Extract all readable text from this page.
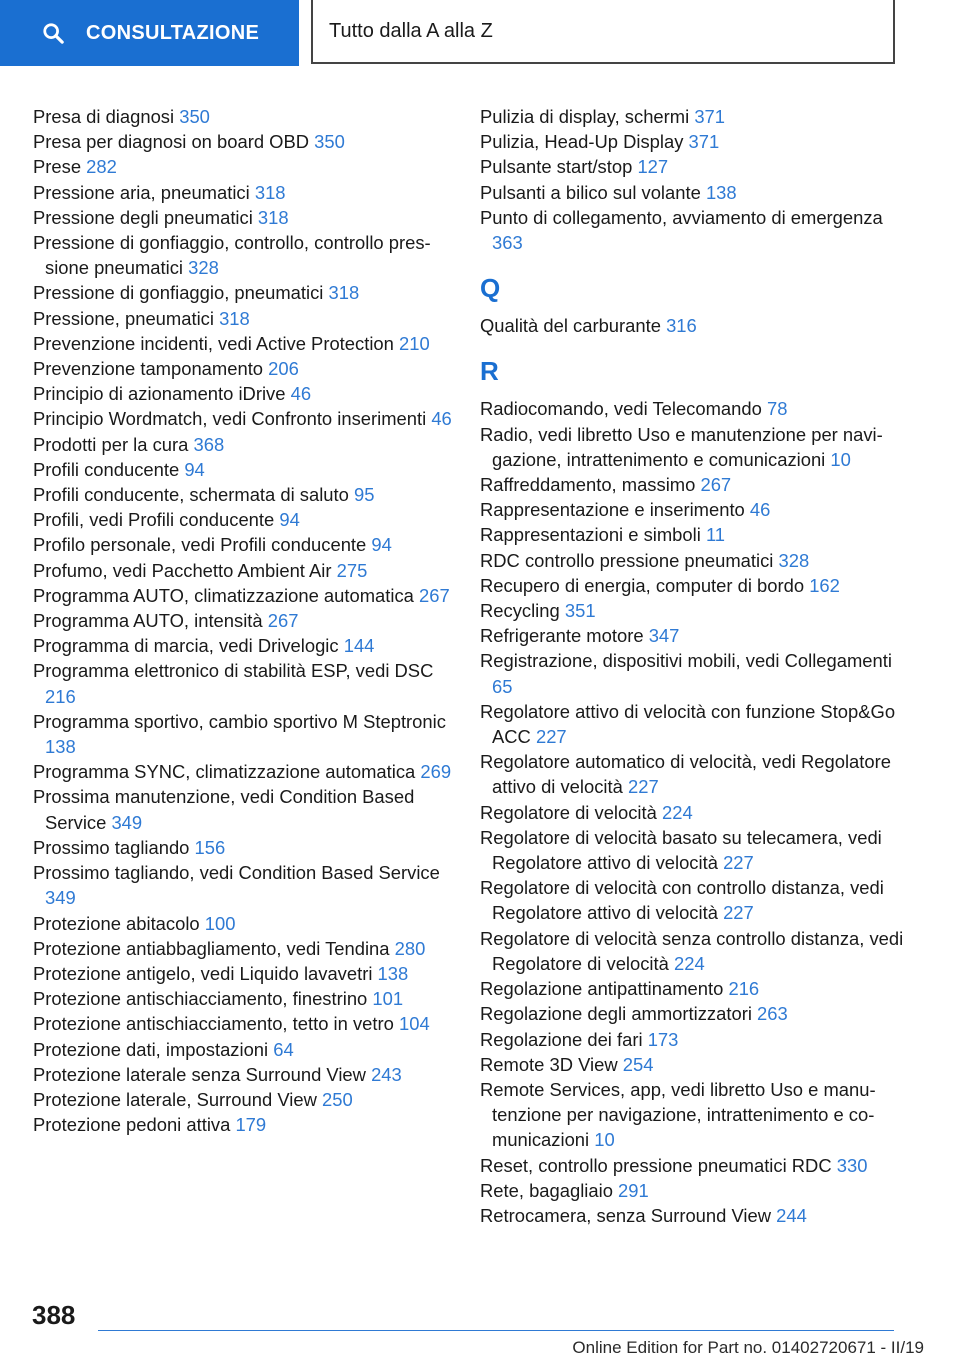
CONSULTAZIONE	Tutto dalla A alla Z

Presa di diagnosi 350

Presa per diagnosi on board OBD 350

Prese 282

Pressione aria, pneumatici 318

Pressione degli pneumatici 318

Pressione di gonfiaggio, controllo, controllo pressione pneumatici 328

Pressione di gonfiaggio, pneumatici 318

Pressione, pneumatici 318

Prevenzione incidenti, vedi Active Protection 210

Prevenzione tamponamento 206

Principio di azionamento iDrive 46

Principio Wordmatch, vedi Confronto inserimenti 46

Prodotti per la cura 368

Profili conducente 94

Profili conducente, schermata di saluto 95

Profili, vedi Profili conducente 94

Profilo personale, vedi Profili conducente 94

Profumo, vedi Pacchetto Ambient Air 275

Programma AUTO, climatizzazione automatica 267

Programma AUTO, intensità 267

Programma di marcia, vedi Drivelogic 144

Programma elettronico di stabilità ESP, vedi DSC 216

Programma sportivo, cambio sportivo M Steptronic 138

Programma SYNC, climatizzazione automatica 269

Prossima manutenzione, vedi Condition Based Service 349

Prossimo tagliando 156

Prossimo tagliando, vedi Condition Based Service 349

Protezione abitacolo 100

Protezione antiabbagliamento, vedi Tendina 280

Protezione antigelo, vedi Liquido lavavetri 138

Protezione antischiacciamento, finestrino 101

Protezione antischiacciamento, tetto in vetro 104

Protezione dati, impostazioni 64

Protezione laterale senza Surround View 243

Protezione laterale, Surround View 250

Protezione pedoni attiva 179

Pulizia di display, schermi 371

Pulizia, Head-Up Display 371

Pulsante start/stop 127

Pulsanti a bilico sul volante 138

Punto di collegamento, avviamento di emergenza 363

Q

Qualità del carburante 316

R

Radiocomando, vedi Telecomando 78

Radio, vedi libretto Uso e manutenzione per navigazione, intrattenimento e comunicazioni 10

Raffreddamento, massimo 267

Rappresentazione e inserimento 46

Rappresentazioni e simboli 11

RDC controllo pressione pneumatici 328

Recupero di energia, computer di bordo 162

Recycling 351

Refrigerante motore 347

Registrazione, dispositivi mobili, vedi Collegamenti 65

Regolatore attivo di velocità con funzione Stop&Go ACC 227

Regolatore automatico di velocità, vedi Regolatore attivo di velocità 227

Regolatore di velocità 224

Regolatore di velocità basato su telecamera, vedi Regolatore attivo di velocità 227

Regolatore di velocità con controllo distanza, vedi Regolatore attivo di velocità 227

Regolatore di velocità senza controllo distanza, vedi Regolatore di velocità 224

Regolazione antipattinamento 216

Regolazione degli ammortizzatori 263

Regolazione dei fari 173

Remote 3D View 254

Remote Services, app, vedi libretto Uso e manutenzione per navigazione, intrattenimento e comunicazioni 10

Reset, controllo pressione pneumatici RDC 330

Rete, bagagliaio 291

Retrocamera, senza Surround View 244

388
Online Edition for Part no. 01402720671 - II/19
